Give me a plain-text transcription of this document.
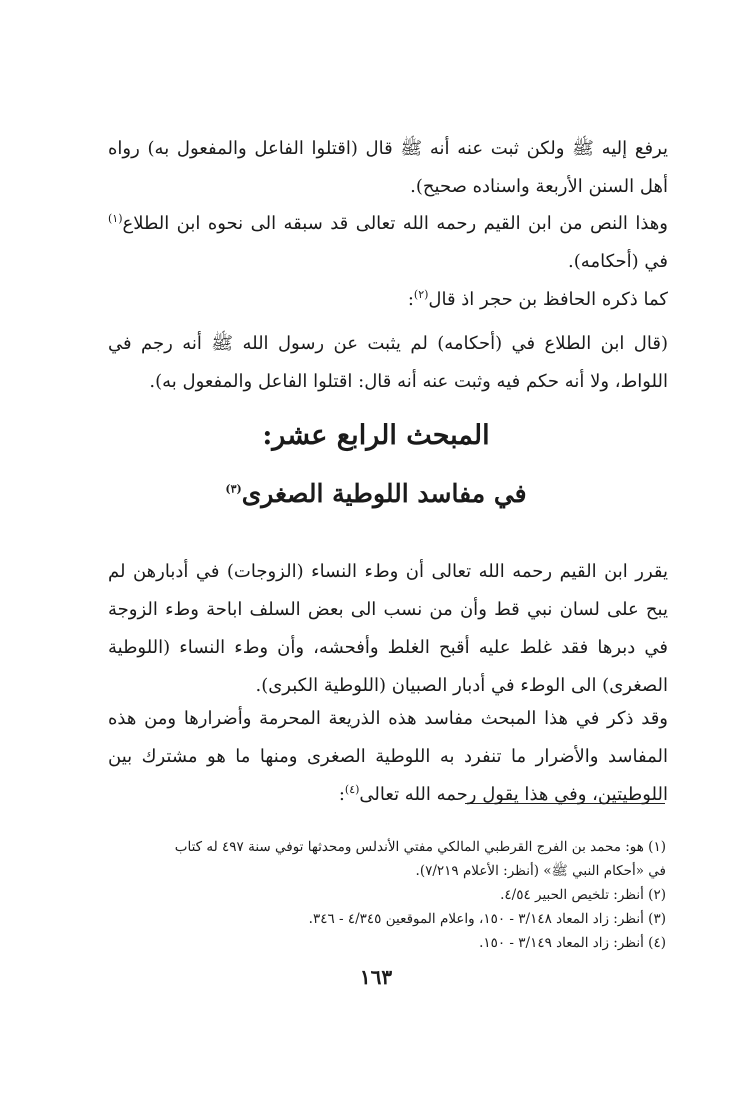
يرفع إليه ﷺ ولكن ثبت عنه أنه ﷺ قال (اقتلوا الفاعل والمفعول به) رواه أهل السنن الأربعة واسناده صحيح).

وهذا النص من ابن القيم رحمه الله تعالى قد سبقه الى نحوه ابن الطلاع$^{(١)}$ في (أحكامه).

كما ذكره الحافظ بن حجر اذ قال$^{(٢)}$:

(قال ابن الطلاع في (أحكامه) لم يثبت عن رسول الله ﷺ أنه رجم في اللواط، ولا أنه حكم فيه وثبت عنه أنه قال: اقتلوا الفاعل والمفعول به).

المبحث الرابع عشر:
في مفاسد اللوطية الصغرى$^{(٣)}$

يقرر ابن القيم رحمه الله تعالى أن وطء النساء (الزوجات) في أدبارهن لم يبح على لسان نبي قط وأن من نسب الى بعض السلف اباحة وطء الزوجة في دبرها فقد غلط عليه أقبح الغلط وأفحشه، وأن وطء النساء (اللوطية الصغرى) الى الوطء في أدبار الصبيان (اللوطية الكبرى).

وقد ذكر في هذا المبحث مفاسد هذه الذريعة المحرمة وأضرارها ومن هذه المفاسد والأضرار ما تنفرد به اللوطية الصغرى ومنها ما هو مشترك بين اللوطيتين، وفي هذا يقول رحمه الله تعالى$^{(٤)}$:

(١) هو: محمد بن الفرج القرطبي المالكي مفتي الأندلس ومحدثها توفي سنة ٤٩٧ له كتاب في «أحكام النبي ﷺ» (أنظر: الأعلام ٧/٢١٩).
(٢) أنظر: تلخيص الحبير ٤/٥٤.
(٣) أنظر: زاد المعاد ٣/١٤٨ - ١٥٠، واعلام الموقعين ٤/٣٤٥ - ٣٤٦.
(٤) أنظر: زاد المعاد ٣/١٤٩ - ١٥٠.
١٦٣
